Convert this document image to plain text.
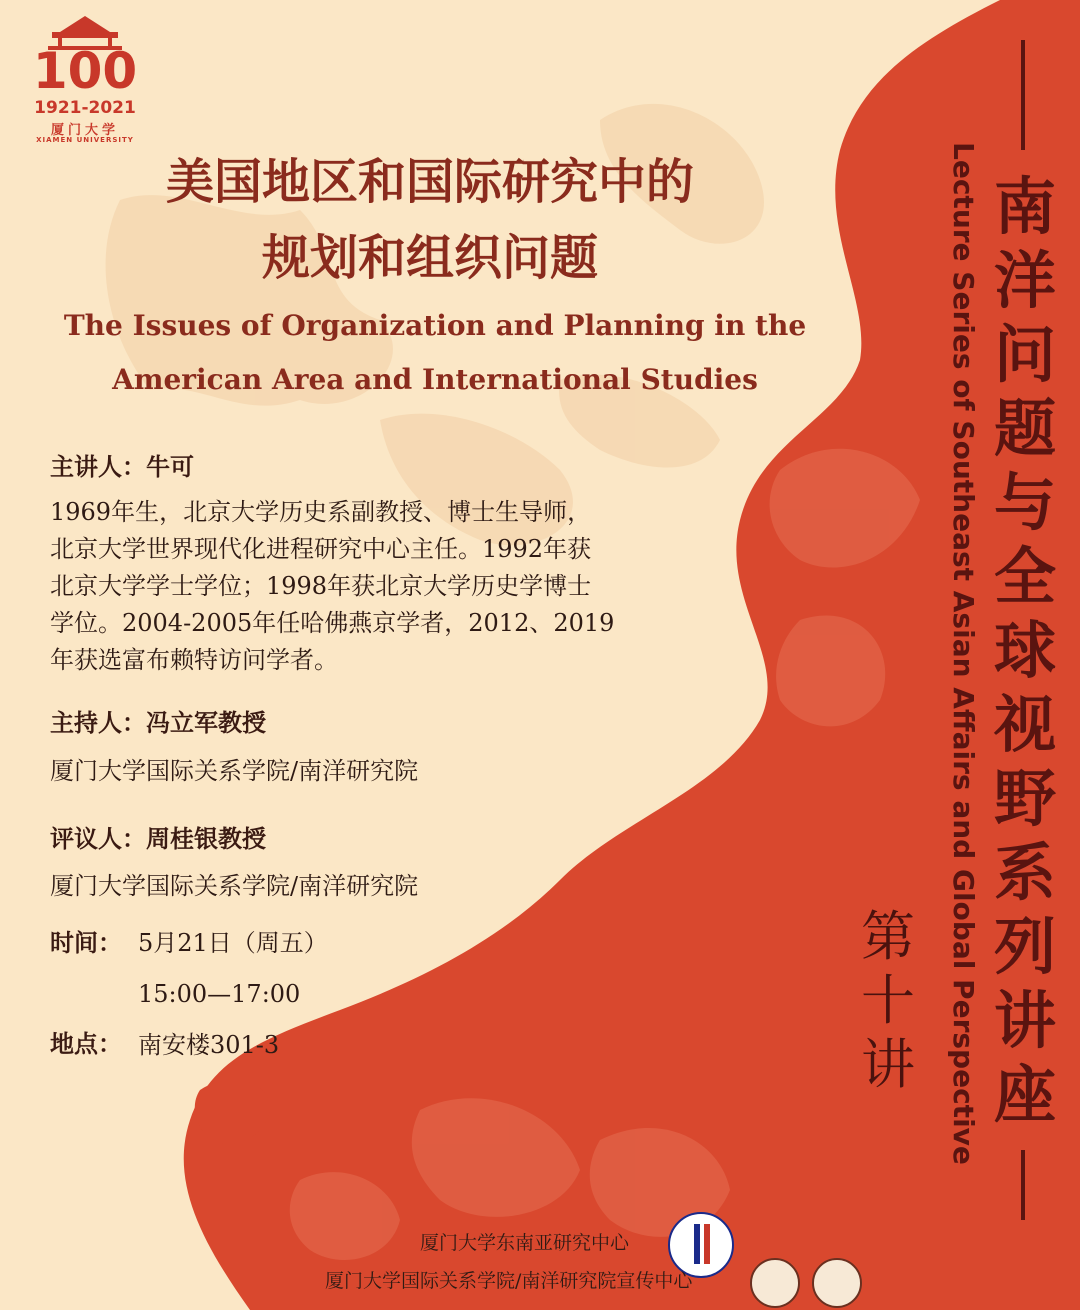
100
1921-2021
厦门大学
XIAMEN UNIVERSITY
美国地区和国际研究中的
规划和组织问题
The Issues of Organization and Planning in the
American Area and International Studies
主讲人：牛可
1969年生，北京大学历史系副教授、博士生导师，
北京大学世界现代化进程研究中心主任。1992年获
北京大学学士学位；1998年获北京大学历史学博士
学位。2004-2005年任哈佛燕京学者，2012、2019
年获选富布赖特访问学者。
主持人：冯立军教授
厦门大学国际关系学院/南洋研究院
评议人：周桂银教授
厦门大学国际关系学院/南洋研究院
时间： 5月21日（周五）
15:00—17:00
地点： 南安楼301-3
南
洋
问
题
与
全
球
视
野
系
列
讲
座
Lecture Series of Southeast Asian Affairs and Global Perspective
第
十
讲
厦门大学东南亚研究中心
厦门大学国际关系学院/南洋研究院宣传中心
